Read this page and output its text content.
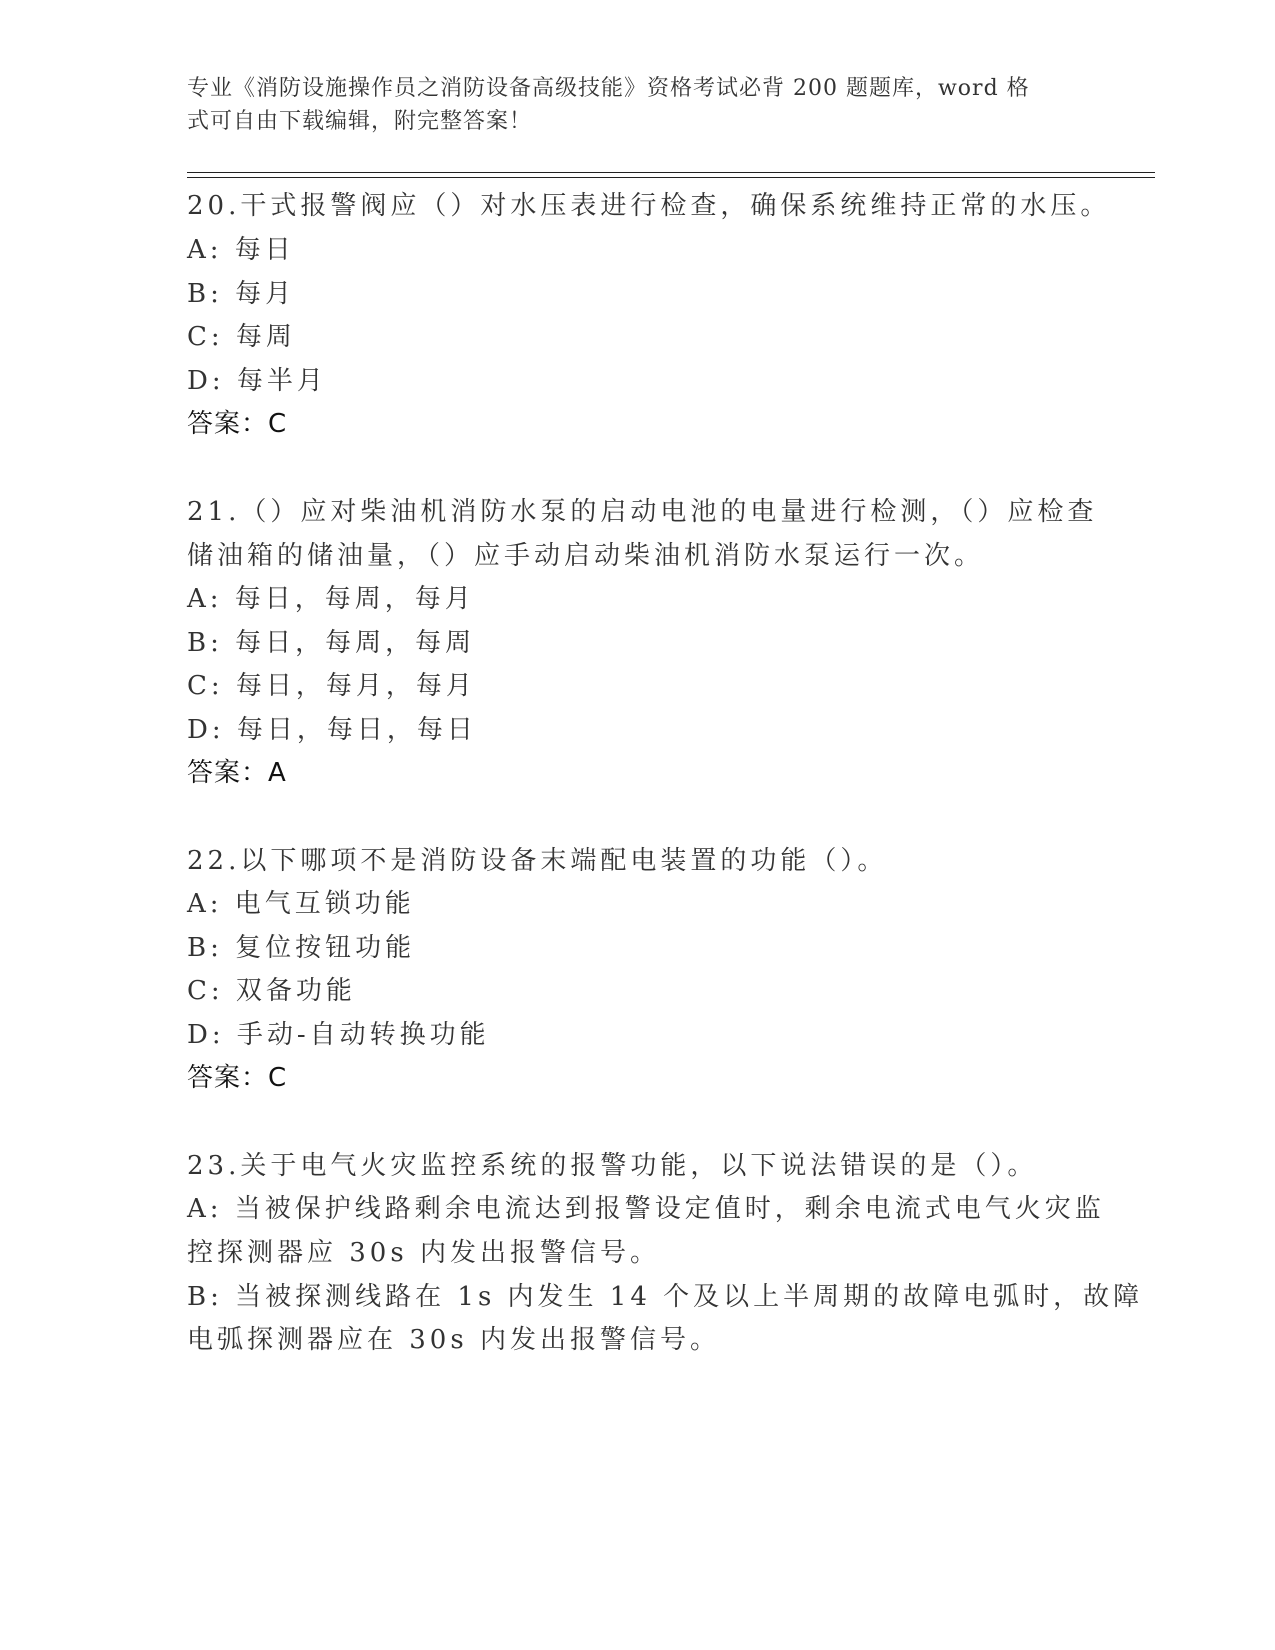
专业《消防设施操作员之消防设备高级技能》资格考试必背 200 题题库，word 格
式可自由下载编辑，附完整答案！
20.干式报警阀应（）对水压表进行检查，确保系统维持正常的水压。
A: 每日
B: 每月
C: 每周
D: 每半月
答案：C
21.（）应对柴油机消防水泵的启动电池的电量进行检测，（）应检查
储油箱的储油量，（）应手动启动柴油机消防水泵运行一次。
A: 每日，每周，每月
B: 每日，每周，每周
C: 每日，每月，每月
D: 每日，每日，每日
答案：A
22.以下哪项不是消防设备末端配电装置的功能（）。
A: 电气互锁功能
B: 复位按钮功能
C: 双备功能
D: 手动-自动转换功能
答案：C
23.关于电气火灾监控系统的报警功能，以下说法错误的是（）。
A: 当被保护线路剩余电流达到报警设定值时，剩余电流式电气火灾监
控探测器应 30s 内发出报警信号。
B: 当被探测线路在 1s 内发生 14 个及以上半周期的故障电弧时，故障
电弧探测器应在 30s 内发出报警信号。
